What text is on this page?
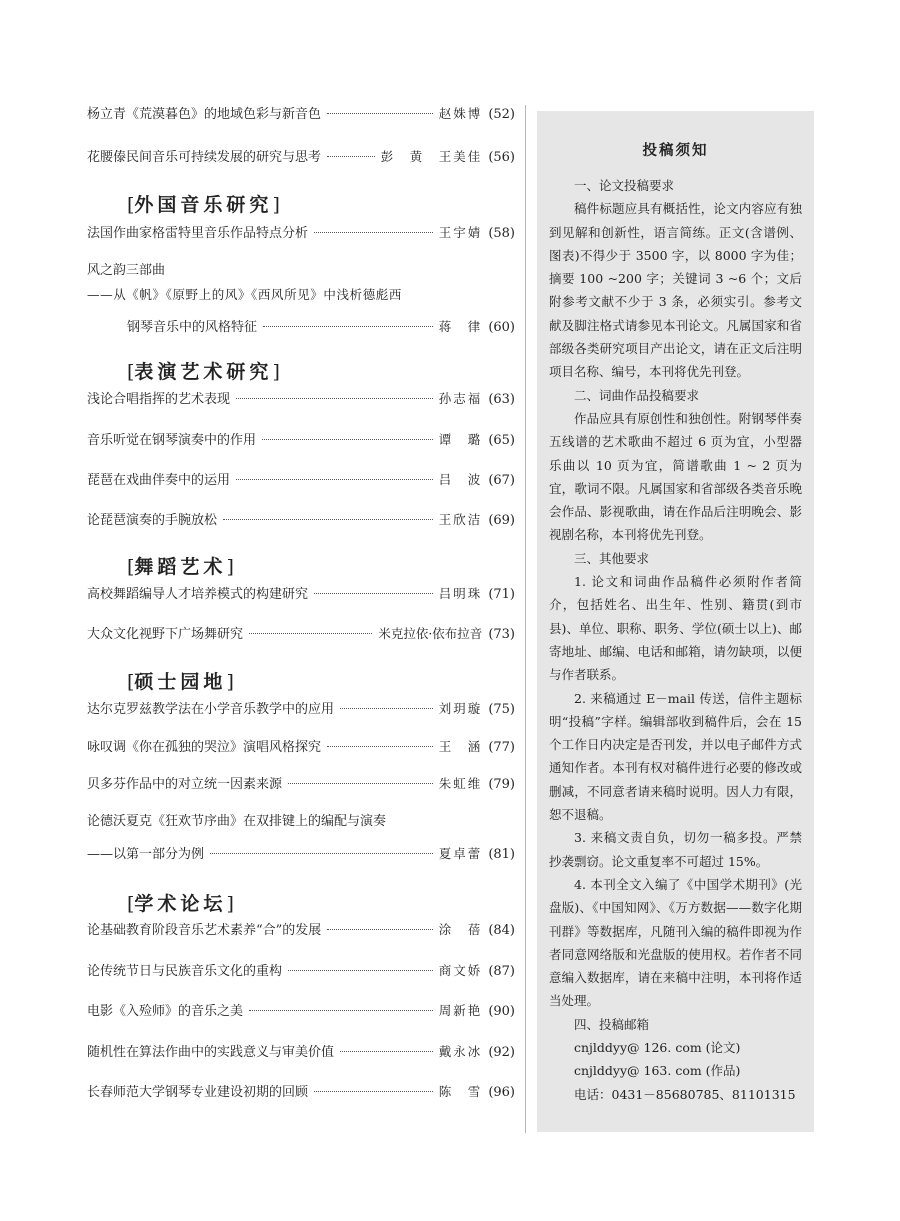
杨立青《荒漠暮色》的地域色彩与新音色	赵姝博 (52)
花腰傣民间音乐可持续发展的研究与思考	彭　黄　王美佳 (56)
[外国音乐研究]
法国作曲家格雷特里音乐作品特点分析	王宇婧 (58)
风之韵三部曲
——从《帆》《原野上的风》《西风所见》中浅析德彪西
钢琴音乐中的风格特征	蒋　律 (60)
[表演艺术研究]
浅论合唱指挥的艺术表现	孙志福 (63)
音乐听觉在钢琴演奏中的作用	谭　璐 (65)
琵琶在戏曲伴奏中的运用	吕　波 (67)
论琵琶演奏的手腕放松	王欣洁 (69)
[舞蹈艺术]
高校舞蹈编导人才培养模式的构建研究	吕明珠 (71)
大众文化视野下广场舞研究	米克拉依·依布拉音 (73)
[硕士园地]
达尔克罗兹教学法在小学音乐教学中的应用	刘玥璇 (75)
咏叹调《你在孤独的哭泣》演唱风格探究	王　涵 (77)
贝多芬作品中的对立统一因素来源	朱虹维 (79)
论德沃夏克《狂欢节序曲》在双排键上的编配与演奏
——以第一部分为例	夏卓蕾 (81)
[学术论坛]
论基础教育阶段音乐艺术素养“合”的发展	涂　蓓 (84)
论传统节日与民族音乐文化的重构	商文娇 (87)
电影《入殓师》的音乐之美	周新艳 (90)
随机性在算法作曲中的实践意义与审美价值	戴永冰 (92)
长春师范大学钢琴专业建设初期的回顾	陈　雪 (96)
投稿须知

一、论文投稿要求

稿件标题应具有概括性，论文内容应有独到见解和创新性，语言简练。正文(含谱例、图表)不得少于 3500 字，以 8000 字为佳；摘要 100 ~200 字；关键词 3 ~6 个；文后附参考文献不少于 3 条，必须实引。参考文献及脚注格式请参见本刊论文。凡属国家和省部级各类研究项目产出论文，请在正文后注明项目名称、编号，本刊将优先刊登。

二、词曲作品投稿要求

作品应具有原创性和独创性。附钢琴伴奏五线谱的艺术歌曲不超过 6 页为宜，小型器乐曲以 10 页为宜，简谱歌曲 1 ~ 2 页为宜，歌词不限。凡属国家和省部级各类音乐晚会作品、影视歌曲，请在作品后注明晚会、影视剧名称，本刊将优先刊登。

三、其他要求

1. 论文和词曲作品稿件必须附作者简介，包括姓名、出生年、性别、籍贯(到市县)、单位、职称、职务、学位(硕士以上)、邮寄地址、邮编、电话和邮箱，请勿缺项，以便与作者联系。

2. 来稿通过 E－mail 传送，信件主题标明“投稿”字样。编辑部收到稿件后，会在 15 个工作日内决定是否刊发，并以电子邮件方式通知作者。本刊有权对稿件进行必要的修改或删减，不同意者请来稿时说明。因人力有限，恕不退稿。

3. 来稿文责自负，切勿一稿多投。严禁抄袭剽窃。论文重复率不可超过 15%。

4. 本刊全文入编了《中国学术期刊》(光盘版)、《中国知网》、《万方数据——数字化期刊群》等数据库，凡随刊入编的稿件即视为作者同意网络版和光盘版的使用权。若作者不同意编入数据库，请在来稿中注明，本刊将作适当处理。

四、投稿邮箱

cnjlddyy@ 126. com (论文)

cnjlddyy@ 163. com (作品)

电话：0431－85680785、81101315
